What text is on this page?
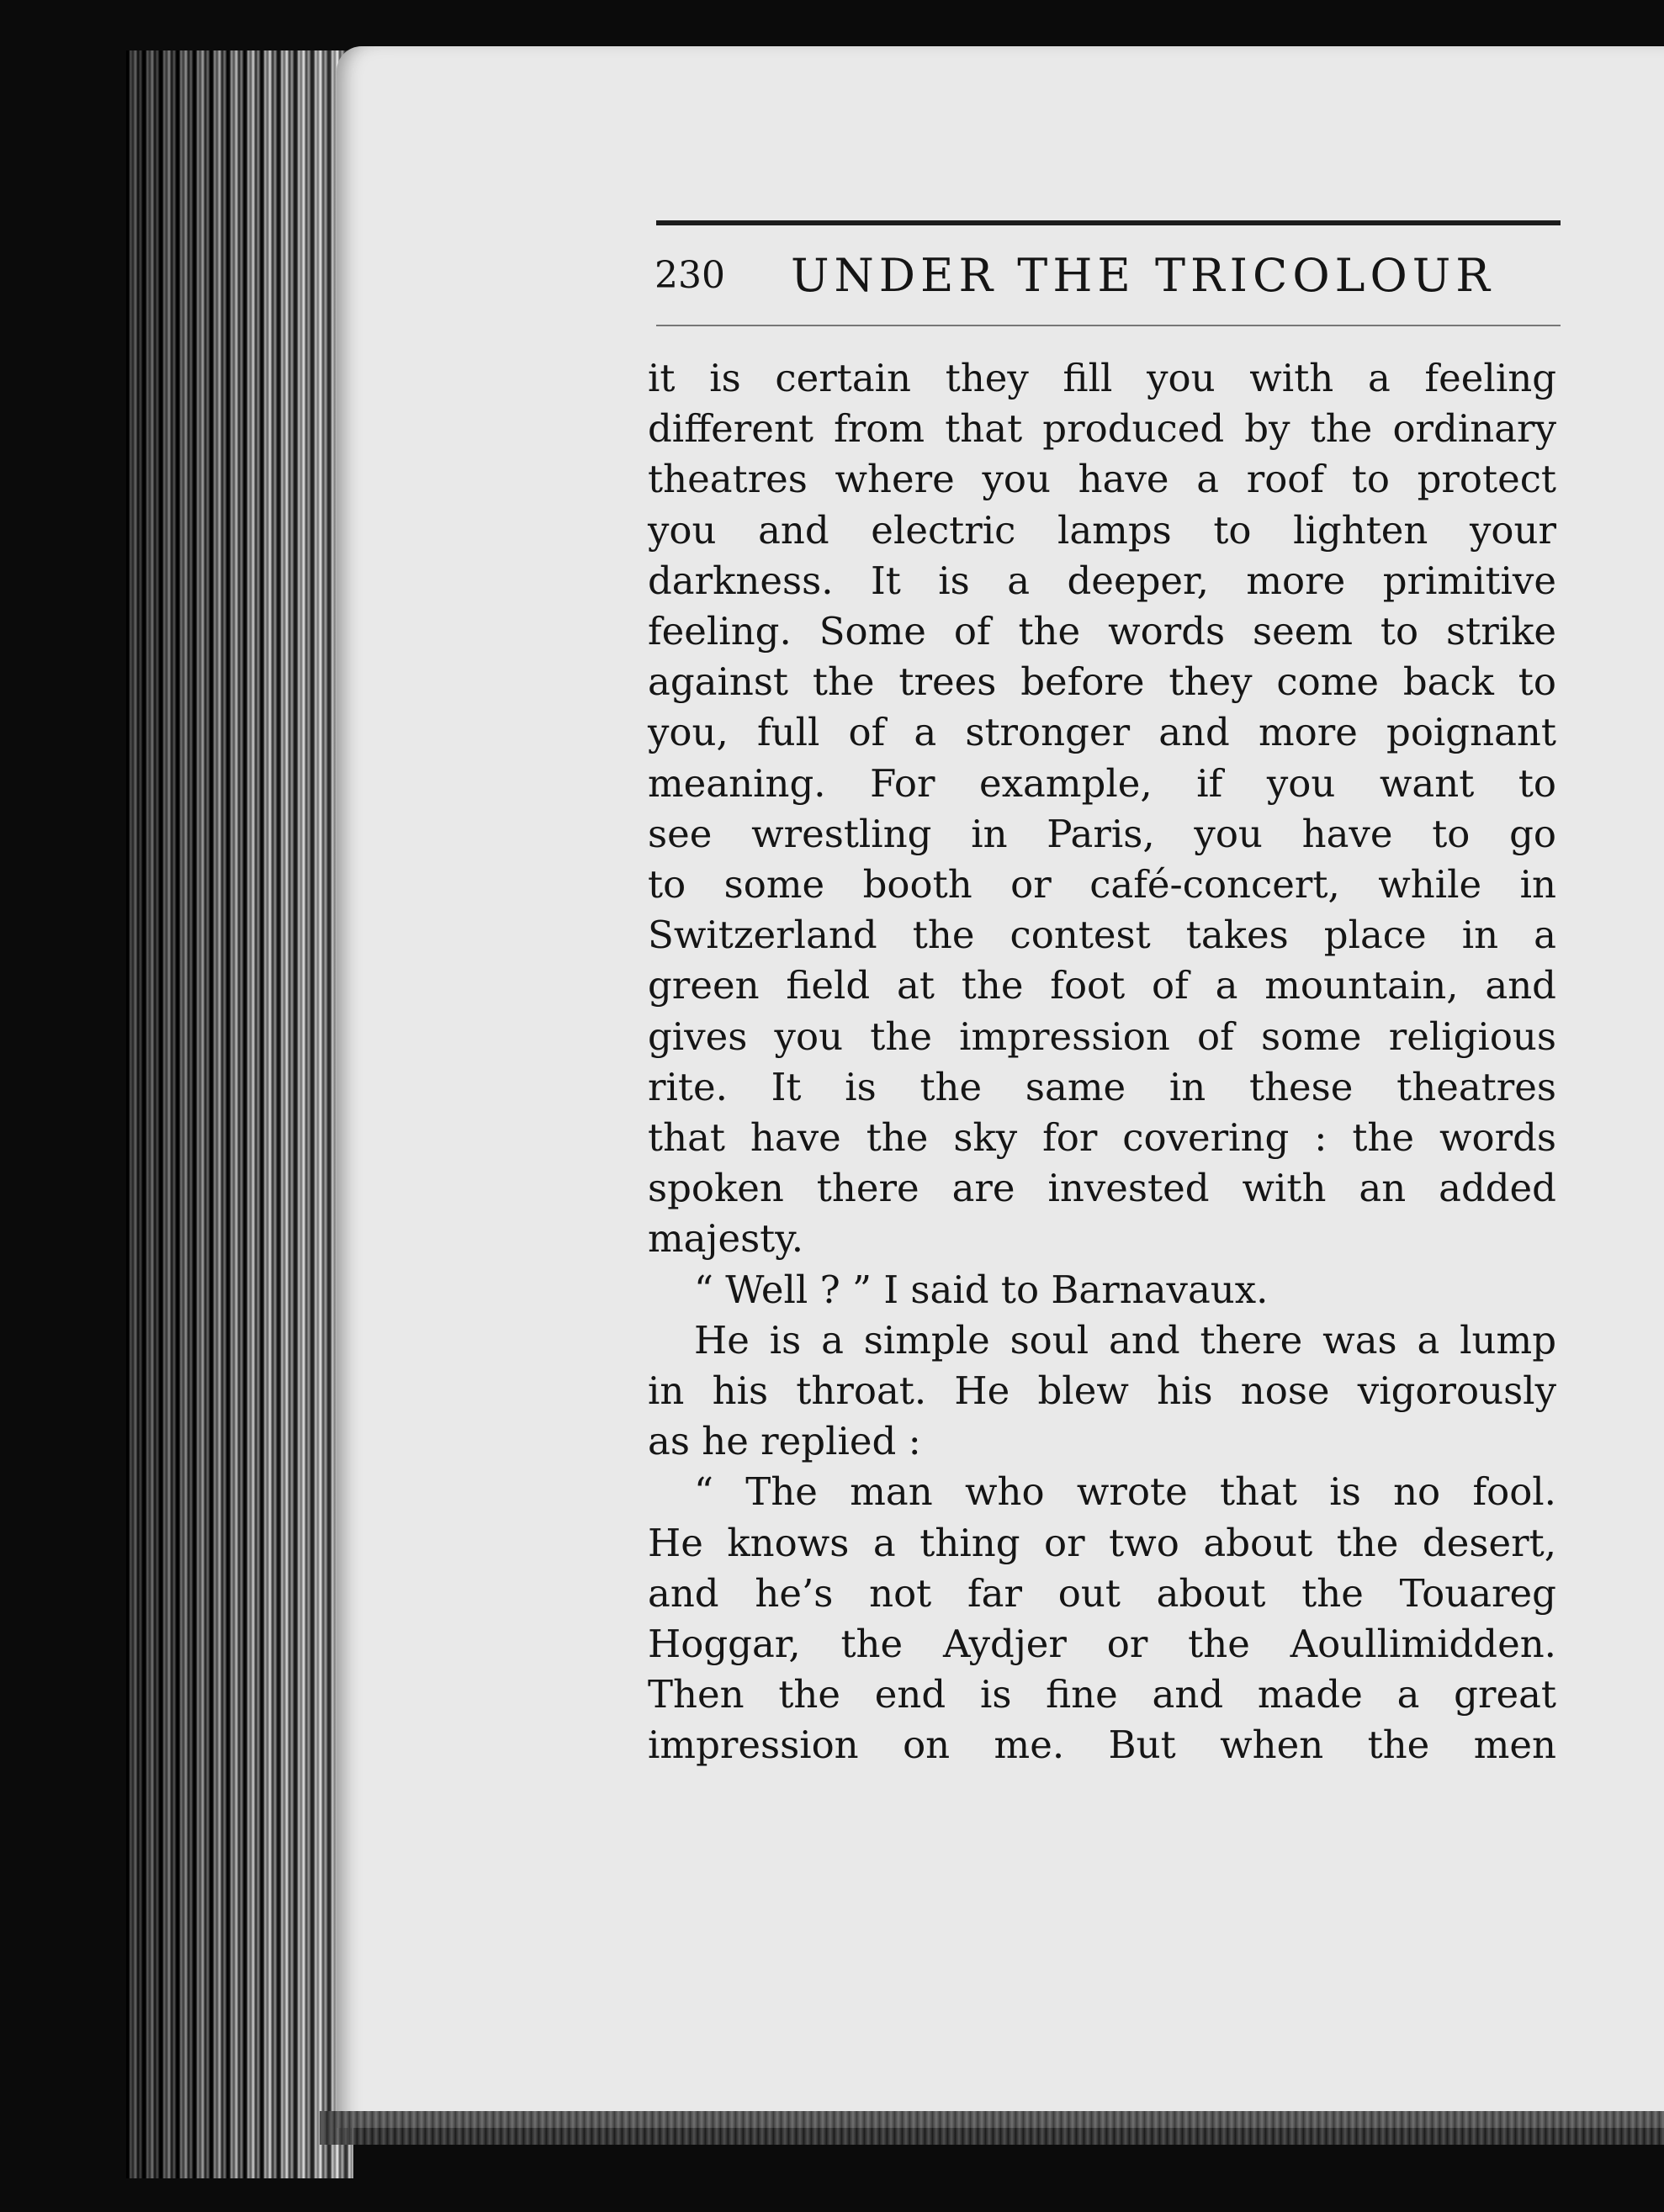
230 UNDER THE TRICOLOUR
it is certain they fill you with a feeling
different from that produced by the ordinary
theatres where you have a roof to protect
you and electric lamps to lighten your
darkness. It is a deeper, more primitive
feeling. Some of the words seem to strike
against the trees before they come back to
you, full of a stronger and more poignant
meaning. For example, if you want to
see wrestling in Paris, you have to go
to some booth or café-concert, while in
Switzerland the contest takes place in a
green field at the foot of a mountain, and
gives you the impression of some religious
rite. It is the same in these theatres
that have the sky for covering : the words
spoken there are invested with an added
majesty.
“ Well ? ” I said to Barnavaux.
He is a simple soul and there was a lump
in his throat. He blew his nose vigorously
as he replied :
“ The man who wrote that is no fool.
He knows a thing or two about the desert,
and he’s not far out about the Touareg
Hoggar, the Aydjer or the Aoullimidden.
Then the end is fine and made a great
impression on me. But when the men
